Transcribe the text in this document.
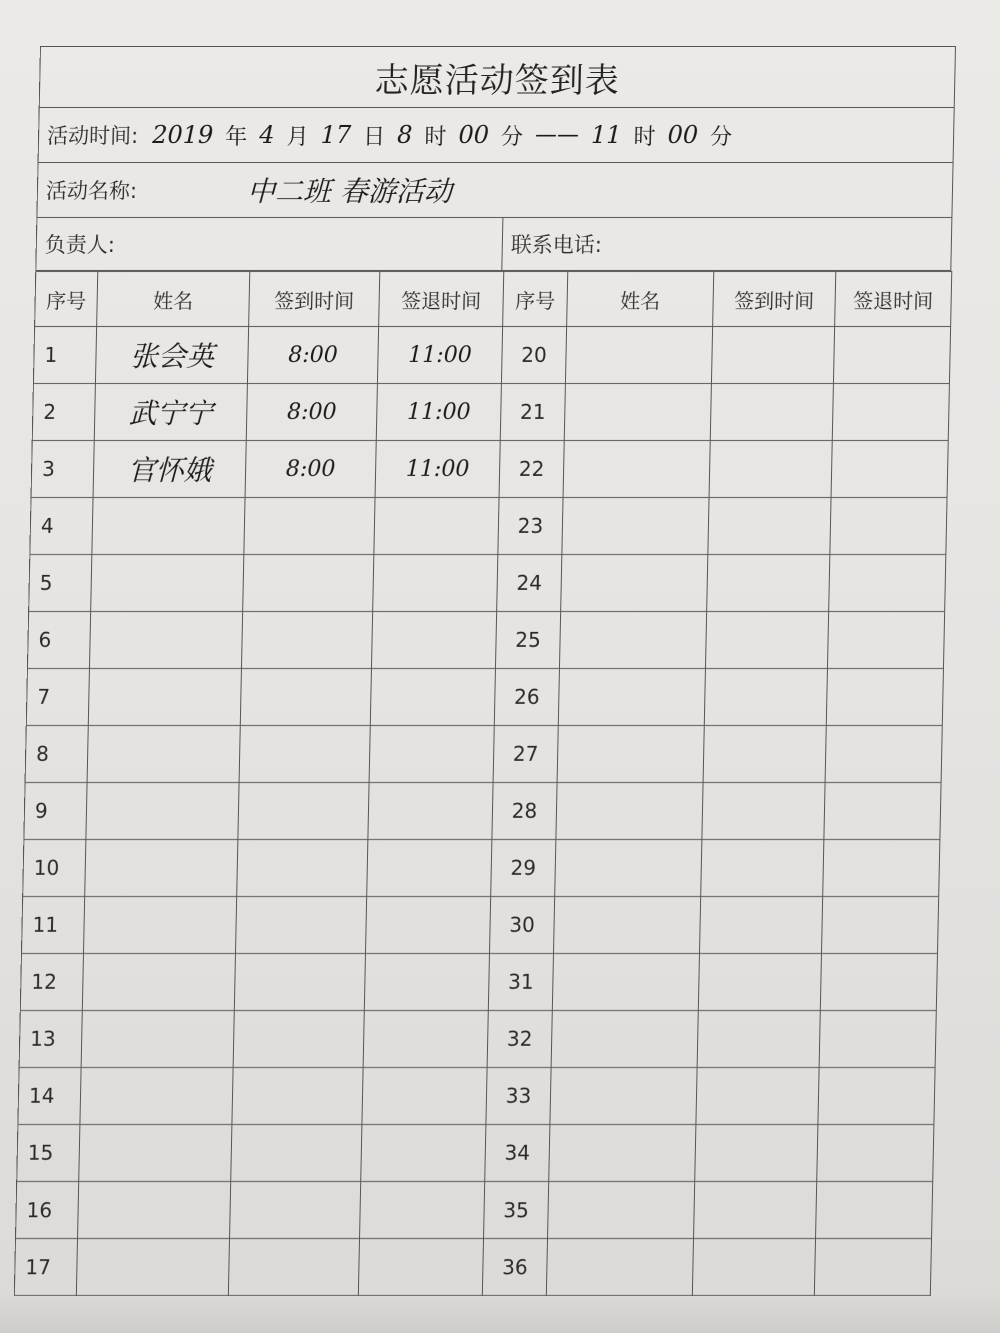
志愿活动签到表
活动时间: 2019 年 4 月 17 日 8 时 00 分 —— 11 时 00 分
活动名称:	中二班 春游活动
负责人:	联系电话:
序号	姓名	签到时间	签退时间	序号	姓名	签到时间	签退时间
1	张会英	8:00	11:00	20			
2	武宁宁	8:00	11:00	21			
3	官怀娥	8:00	11:00	22			
4				23			
5				24			
6				25			
7				26			
8				27			
9				28			
10				29			
11				30			
12				31			
13				32			
14				33			
15				34			
16				35			
17				36			
